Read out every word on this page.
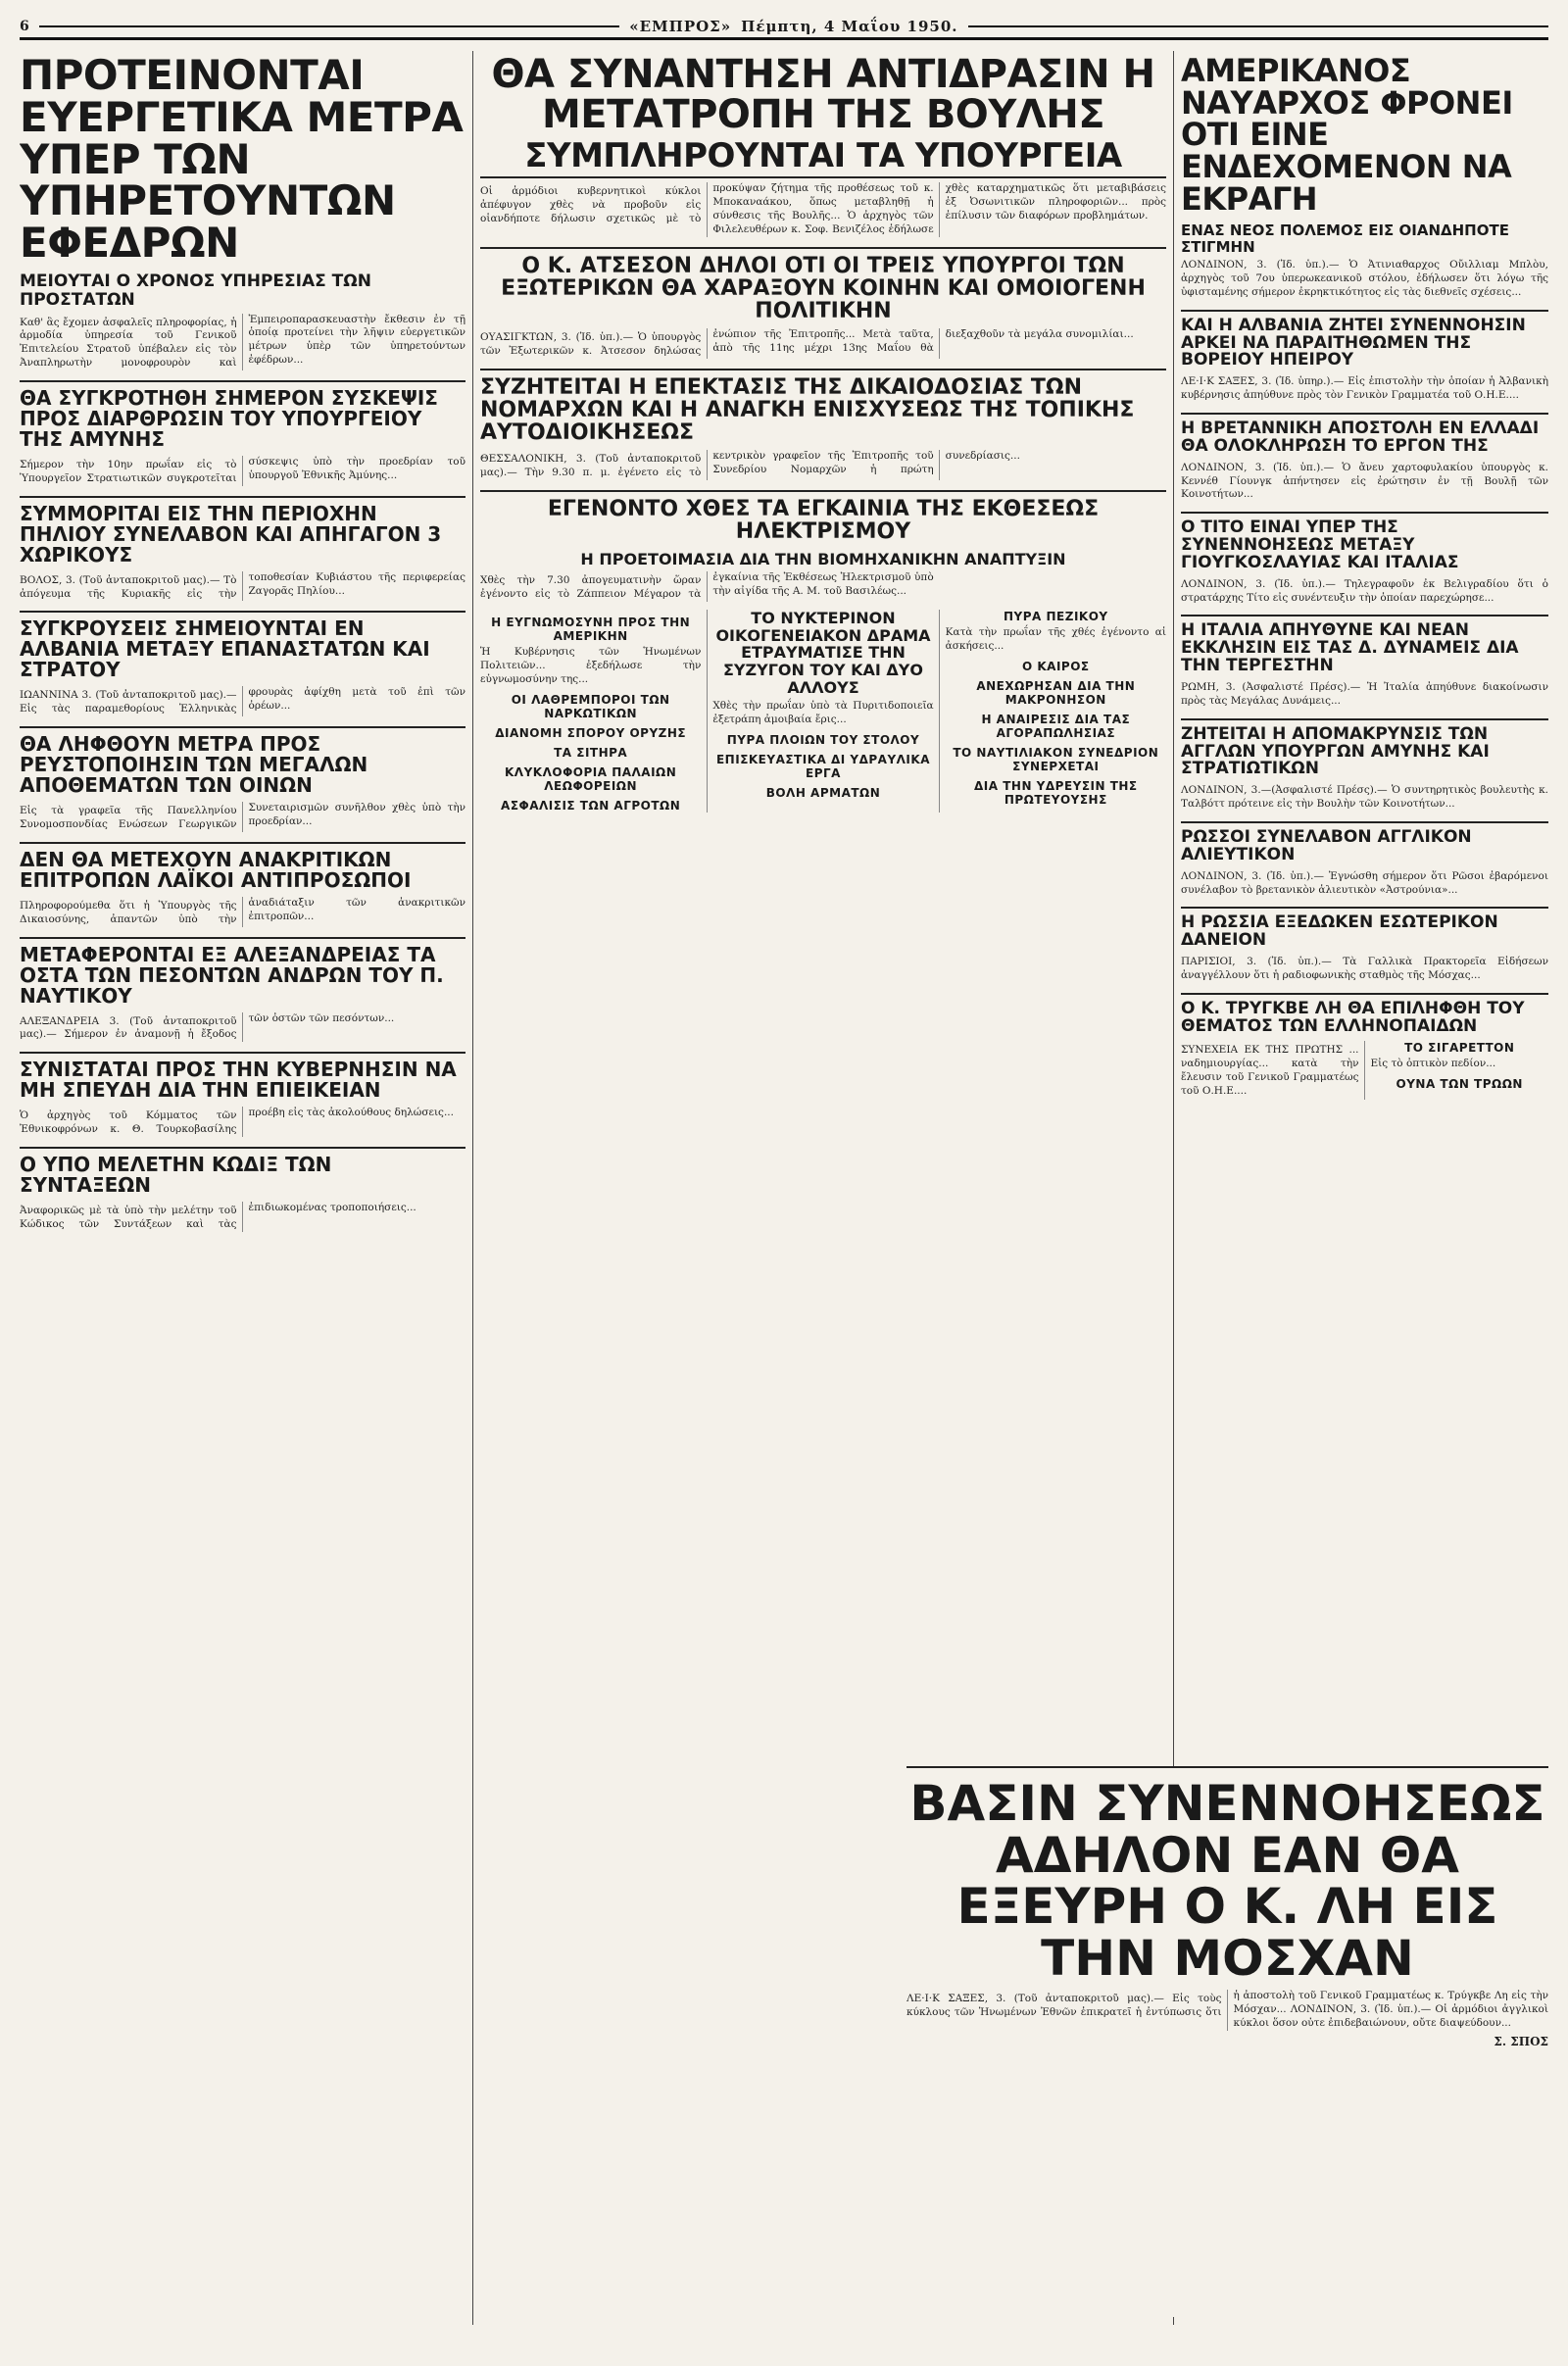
6	«ΕΜΠΡΟΣ» Πέμπτη, 4 Μαΐου 1950.
ΠΡΟΤΕΙΝΟΝΤΑΙ ΕΥΕΡΓΕΤΙΚΑ ΜΕΤΡΑ ΥΠΕΡ ΤΩΝ ΥΠΗΡΕΤΟΥΝΤΩΝ ΕΦΕΔΡΩΝ
ΜΕΙΟΥΤΑΙ Ο ΧΡΟΝΟΣ ΥΠΗΡΕΣΙΑΣ ΤΩΝ ΠΡΟΣΤΑΤΩΝ

Καθ' ἃς ἔχομεν ἀσφαλεῖς πληροφορίας, ἡ ἁρμοδία ὑπηρεσία τοῦ Γενικοῦ Ἐπιτελείου Στρατοῦ ὑπέβαλεν εἰς τὸν Ἀναπληρωτὴν μονοφρουρὸν καὶ Ἐμπειροπαρασκευαστὴν ἔκθεσιν ἐν τῇ ὁποίᾳ προτείνει τὴν λῆψιν εὐεργετικῶν μέτρων ὑπὲρ τῶν ὑπηρετούντων ἐφέδρων...

ΘΑ ΣΥΓΚΡΟΤΗΘΗ ΣΗΜΕΡΟΝ ΣΥΣΚΕΨΙΣ ΠΡΟΣ ΔΙΑΡΘΡΩΣΙΝ ΤΟΥ ΥΠΟΥΡΓΕΙΟΥ ΤΗΣ ΑΜΥΝΗΣ

Σήμερον τὴν 10ην πρωΐαν εἰς τὸ Ὑπουργεῖον Στρατιωτικῶν συγκροτεῖται σύσκεψις ὑπὸ τὴν προεδρίαν τοῦ ὑπουργοῦ Ἐθνικῆς Ἀμύνης...

ΣΥΜΜΟΡΙΤΑΙ ΕΙΣ ΤΗΝ ΠΕΡΙΟΧΗΝ ΠΗΛΙΟΥ ΣΥΝΕΛΑΒΟΝ ΚΑΙ ΑΠΗΓΑΓΟΝ 3 ΧΩΡΙΚΟΥΣ

ΒΟΛΟΣ, 3. (Τοῦ ἀνταποκριτοῦ μας).— Τὸ ἀπόγευμα τῆς Κυριακῆς εἰς τὴν τοποθεσίαν Κυβιάστου τῆς περιφερείας Ζαγορᾶς Πηλίου...

ΣΥΓΚΡΟΥΣΕΙΣ ΣΗΜΕΙΟΥΝΤΑΙ ΕΝ ΑΛΒΑΝΙΑ ΜΕΤΑΞΥ ΕΠΑΝΑΣΤΑΤΩΝ ΚΑΙ ΣΤΡΑΤΟΥ

ΙΩΑΝΝΙΝΑ 3. (Τοῦ ἀνταποκριτοῦ μας).— Εἰς τὰς παραμεθορίους Ἑλληνικὰς φρουρὰς ἀφίχθη μετὰ τοῦ ἐπὶ τῶν ὀρέων...

ΘΑ ΛΗΦΘΟΥΝ ΜΕΤΡΑ ΠΡΟΣ ΡΕΥΣΤΟΠΟΙΗΣΙΝ ΤΩΝ ΜΕΓΑΛΩΝ ΑΠΟΘΕΜΑΤΩΝ ΤΩΝ ΟΙΝΩΝ

Εἰς τὰ γραφεῖα τῆς Πανελληνίου Συνομοσπονδίας Ενώσεων Γεωργικῶν Συνεταιρισμῶν συνῆλθον χθὲς ὑπὸ τὴν προεδρίαν...

ΔΕΝ ΘΑ ΜΕΤΕΧΟΥΝ ΑΝΑΚΡΙΤΙΚΩΝ ΕΠΙΤΡΟΠΩΝ ΛΑΪΚΟΙ ΑΝΤΙΠΡΟΣΩΠΟΙ

Πληροφορούμεθα ὅτι ἡ Ὑπουργὸς τῆς Δικαιοσύνης, ἀπαντῶν ὑπὸ τὴν ἀναδιάταξιν τῶν ἀνακριτικῶν ἐπιτροπῶν...

ΜΕΤΑΦΕΡΟΝΤΑΙ ΕΞ ΑΛΕΞΑΝΔΡΕΙΑΣ ΤΑ ΟΣΤΑ ΤΩΝ ΠΕΣΟΝΤΩΝ ΑΝΔΡΩΝ ΤΟΥ Π. ΝΑΥΤΙΚΟΥ

ΑΛΕΞΑΝΔΡΕΙΑ 3. (Τοῦ ἀνταποκριτοῦ μας).— Σήμερον ἐν ἀναμονῇ ἡ ἔξοδος τῶν ὀστῶν τῶν πεσόντων...

ΣΥΝΙΣΤΑΤΑΙ ΠΡΟΣ ΤΗΝ ΚΥΒΕΡΝΗΣΙΝ ΝΑ ΜΗ ΣΠΕΥΔΗ ΔΙΑ ΤΗΝ ΕΠΙΕΙΚΕΙΑΝ

Ὁ ἀρχηγὸς τοῦ Κόμματος τῶν Ἐθνικοφρόνων κ. Θ. Τουρκοβασίλης προέβη εἰς τὰς ἀκολούθους δηλώσεις...

Ο ΥΠΟ ΜΕΛΕΤΗΝ ΚΩΔΙΞ ΤΩΝ ΣΥΝΤΑΞΕΩΝ

Ἀναφορικῶς μὲ τὰ ὑπὸ τὴν μελέτην τοῦ Κώδικος τῶν Συντάξεων καὶ τὰς ἐπιδιωκομένας τροποποιήσεις...

ΘΑ ΣΥΝΑΝΤΗΣΗ ΑΝΤΙΔΡΑΣΙΝ Η ΜΕΤΑΤΡΟΠΗ ΤΗΣ ΒΟΥΛΗΣ
ΣΥΜΠΛΗΡΟΥΝΤΑΙ ΤΑ ΥΠΟΥΡΓΕΙΑ

Οἱ ἁρμόδιοι κυβερνητικοὶ κύκλοι ἀπέφυγον χθὲς νὰ προβοῦν εἰς οἱανδήποτε δήλωσιν σχετικῶς μὲ τὸ προκύψαν ζήτημα τῆς προθέσεως τοῦ κ. Μποκαναάκου, ὅπως μεταβληθῇ ἡ σύνθεσις τῆς Βουλῆς... Ὁ ἀρχηγὸς τῶν Φιλελευθέρων κ. Σοφ. Βενιζέλος ἐδήλωσε χθὲς καταρχηματικῶς ὅτι μεταβιβάσεις ἐξ Ὀσωνιτικῶν πληροφοριῶν... πρὸς ἐπίλυσιν τῶν διαφόρων προβλημάτων.

Ο Κ. ΑΤΣΕΣΟΝ ΔΗΛΟΙ ΟΤΙ ΟΙ ΤΡΕΙΣ ΥΠΟΥΡΓΟΙ ΤΩΝ ΕΞΩΤΕΡΙΚΩΝ ΘΑ ΧΑΡΑΞΟΥΝ ΚΟΙΝΗΝ ΚΑΙ ΟΜΟΙΟΓΕΝΗ ΠΟΛΙΤΙΚΗΝ

ΟΥΑΣΙΓΚΤΩΝ, 3. (Ἰδ. ὑπ.).— Ὁ ὑπουργὸς τῶν Ἐξωτερικῶν κ. Ἀτσεσον δηλώσας ἐνώπιον τῆς Ἐπιτροπῆς... Μετὰ ταῦτα, ἀπὸ τῆς 11ης μέχρι 13ης Μαΐου θὰ διεξαχθοῦν τὰ μεγάλα συνομιλίαι...

ΣΥΖΗΤΕΙΤΑΙ Η ΕΠΕΚΤΑΣΙΣ ΤΗΣ ΔΙΚΑΙΟΔΟΣΙΑΣ ΤΩΝ ΝΟΜΑΡΧΩΝ ΚΑΙ Η ΑΝΑΓΚΗ ΕΝΙΣΧΥΣΕΩΣ ΤΗΣ ΤΟΠΙΚΗΣ ΑΥΤΟΔΙΟΙΚΗΣΕΩΣ

ΘΕΣΣΑΛΟΝΙΚΗ, 3. (Τοῦ ἀνταποκριτοῦ μας).— Τὴν 9.30 π. μ. ἐγένετο εἰς τὸ κεντρικὸν γραφεῖον τῆς Ἐπιτροπῆς τοῦ Συνεδρίου Νομαρχῶν ἡ πρώτη συνεδρίασις...

ΕΓΕΝΟΝΤΟ ΧΘΕΣ ΤΑ ΕΓΚΑΙΝΙΑ ΤΗΣ ΕΚΘΕΣΕΩΣ ΗΛΕΚΤΡΙΣΜΟΥ
Η ΠΡΟΕΤΟΙΜΑΣΙΑ ΔΙΑ ΤΗΝ ΒΙΟΜΗΧΑΝΙΚΗΝ ΑΝΑΠΤΥΞΙΝ

Χθὲς τὴν 7.30 ἀπογευματινὴν ὥραν ἐγένοντο εἰς τὸ Ζάππειον Μέγαρον τὰ ἐγκαίνια τῆς Ἐκθέσεως Ἠλεκτρισμοῦ ὑπὸ τὴν αἰγίδα τῆς Α. Μ. τοῦ Βασιλέως...

Η ΕΥΓΝΩΜΟΣΥΝΗ ΠΡΟΣ ΤΗΝ ΑΜΕΡΙΚΗΝ

Ἡ Κυβέρνησις τῶν Ἡνωμένων Πολιτειῶν... ἐξεδήλωσε τὴν εὐγνωμοσύνην της...

ΟΙ ΛΑΘΡΕΜΠΟΡΟΙ ΤΩΝ ΝΑΡΚΩΤΙΚΩΝ
ΔΙΑΝΟΜΗ ΣΠΟΡΟΥ ΟΡΥΖΗΣ
ΤΑ ΣΙΤΗΡΑ
ΚΛΥΚΛΟΦΟΡΙΑ ΠΑΛΑΙΩΝ ΛΕΩΦΟΡΕΙΩΝ
ΑΣΦΑΛΙΣΙΣ ΤΩΝ ΑΓΡΟΤΩΝ
ΤΟ ΝΥΚΤΕΡΙΝΟΝ ΟΙΚΟΓΕΝΕΙΑΚΟΝ ΔΡΑΜΑ ΕΤΡΑΥΜΑΤΙΣΕ ΤΗΝ ΣΥΖΥΓΟΝ ΤΟΥ ΚΑΙ ΔΥΟ ΑΛΛΟΥΣ

Χθὲς τὴν πρωΐαν ὑπὸ τὰ Πυριτιδοποιεῖα ἐξετράπη ἀμοιβαία ἔρις...

ΠΥΡΑ ΠΛΟΙΩΝ ΤΟΥ ΣΤΟΛΟΥ
ΕΠΙΣΚΕΥΑΣΤΙΚΑ ΔΙ ΥΔΡΑΥΛΙΚΑ ΕΡΓΑ
ΒΟΛΗ ΑΡΜΑΤΩΝ
ΠΥΡΑ ΠΕΖΙΚΟΥ

Κατὰ τὴν πρωΐαν τῆς χθές ἐγένοντο αἱ ἀσκήσεις...

Ο ΚΑΙΡΟΣ
ΑΝΕΧΩΡΗΣΑΝ ΔΙΑ ΤΗΝ ΜΑΚΡΟΝΗΣΟΝ
Η ΑΝΑΙΡΕΣΙΣ ΔΙΑ ΤΑΣ ΑΓΟΡΑΠΩΛΗΣΙΑΣ
ΤΟ ΝΑΥΤΙΛΙΑΚΟΝ ΣΥΝΕΔΡΙΟΝ ΣΥΝΕΡΧΕΤΑΙ
ΔΙΑ ΤΗΝ ΥΔΡΕΥΣΙΝ ΤΗΣ ΠΡΩΤΕΥΟΥΣΗΣ
ΑΜΕΡΙΚΑΝΟΣ ΝΑΥΑΡΧΟΣ ΦΡΟΝΕΙ ΟΤΙ ΕΙΝΕ ΕΝΔΕΧΟΜΕΝΟΝ ΝΑ ΕΚΡΑΓΗ
ΕΝΑΣ ΝΕΟΣ ΠΟΛΕΜΟΣ ΕΙΣ ΟΙΑΝΔΗΠΟΤΕ ΣΤΙΓΜΗΝ

ΛΟΝΔΙΝΟΝ, 3. (Ἰδ. ὑπ.).— Ὁ Ἀτινιαθαρχος Οὔιλλιαμ Μπλὸυ, ἀρχηγὸς τοῦ 7ου ὑπερωκεανικοῦ στόλου, ἐδήλωσεν ὅτι λόγω τῆς ὑφισταμένης σήμερον ἐκρηκτικότητος εἰς τὰς διεθνεῖς σχέσεις...

ΚΑΙ Η ΑΛΒΑΝΙΑ ΖΗΤΕΙ ΣΥΝΕΝΝΟΗΣΙΝ ΑΡΚΕΙ ΝΑ ΠΑΡΑΙΤΗΘΩΜΕΝ ΤΗΣ ΒΟΡΕΙΟΥ ΗΠΕΙΡΟΥ

ΛΕ·Ι·Κ ΣΑΞΕΣ, 3. (Ἰδ. ὑπηρ.).— Εἰς ἐπιστολὴν τὴν ὁποίαν ἡ Ἀλβανικὴ κυβέρνησις ἀπηύθυνε πρὸς τὸν Γενικὸν Γραμματέα τοῦ Ο.Η.Ε....

Η ΒΡΕΤΑΝΝΙΚΗ ΑΠΟΣΤΟΛΗ ΕΝ ΕΛΛΑΔΙ ΘΑ ΟΛΟΚΛΗΡΩΣΗ ΤΟ ΕΡΓΟΝ ΤΗΣ

ΛΟΝΔΙΝΟΝ, 3. (Ἰδ. ὑπ.).— Ὁ ἄνευ χαρτοφυλακίου ὑπουργὸς κ. Κεννέθ Γίουνγκ ἀπήντησεν εἰς ἐρώτησιν ἐν τῇ Βουλῇ τῶν Κοινοτήτων...

Ο ΤΙΤΟ ΕΙΝΑΙ ΥΠΕΡ ΤΗΣ ΣΥΝΕΝΝΟΗΣΕΩΣ ΜΕΤΑΞΥ ΓΙΟΥΓΚΟΣΛΑΥΙΑΣ ΚΑΙ ΙΤΑΛΙΑΣ

ΛΟΝΔΙΝΟΝ, 3. (Ἰδ. ὑπ.).— Τηλεγραφοῦν ἐκ Βελιγραδίου ὅτι ὁ στρατάρχης Τίτο εἰς συνέντευξιν τὴν ὁποίαν παρεχώρησε...

Η ΙΤΑΛΙΑ ΑΠΗΥΘΥΝΕ ΚΑΙ ΝΕΑΝ ΕΚΚΛΗΣΙΝ ΕΙΣ ΤΑΣ Δ. ΔΥΝΑΜΕΙΣ ΔΙΑ ΤΗΝ ΤΕΡΓΕΣΤΗΝ

ΡΩΜΗ, 3. (Ἀσφαλιστέ Πρέσς).— Ἡ Ἰταλία ἀπηύθυνε διακοίνωσιν πρὸς τὰς Μεγάλας Δυνάμεις...

ΖΗΤΕΙΤΑΙ Η ΑΠΟΜΑΚΡΥΝΣΙΣ ΤΩΝ ΑΓΓΛΩΝ ΥΠΟΥΡΓΩΝ ΑΜΥΝΗΣ ΚΑΙ ΣΤΡΑΤΙΩΤΙΚΩΝ

ΛΟΝΔΙΝΟΝ, 3.—(Ἀσφαλιστέ Πρέσς).— Ὁ συντηρητικὸς βουλευτὴς κ. Ταλβόττ πρότεινε εἰς τὴν Βουλὴν τῶν Κοινοτήτων...

ΡΩΣΣΟΙ ΣΥΝΕΛΑΒΟΝ ΑΓΓΛΙΚΟΝ ΑΛΙΕΥΤΙΚΟΝ

ΛΟΝΔΙΝΟΝ, 3. (Ἰδ. ὑπ.).— Ἐγνώσθη σήμερον ὅτι Ρῶσοι ἐβαρόμενοι συνέλαβον τὸ βρετανικὸν ἁλιευτικὸν «Ἀστρούνια»...

Η ΡΩΣΣΙΑ ΕΞΕΔΩΚΕΝ ΕΣΩΤΕΡΙΚΟΝ ΔΑΝΕΙΟΝ

ΠΑΡΙΣΙΟΙ, 3. (Ἰδ. ὑπ.).— Τὰ Γαλλικὰ Πρακτορεῖα Εἰδήσεων ἀναγγέλλουν ὅτι ἡ ραδιοφωνικὴς σταθμὸς τῆς Μόσχας...

Ο Κ. ΤΡΥΓΚΒΕ ΛΗ ΘΑ ΕΠΙΛΗΦΘΗ ΤΟΥ ΘΕΜΑΤΟΣ ΤΩΝ ΕΛΛΗΝΟΠΑΙΔΩΝ

ΣΥΝΕΧΕΙΑ ΕΚ ΤΗΣ ΠΡΩΤΗΣ ... ναδημιουργίας... κατὰ τὴν ἔλευσιν τοῦ Γενικοῦ Γραμματέως τοῦ Ο.Η.Ε....

ΤΟ ΣΙΓΑΡΕΤΤΟΝ

Εἰς τὸ ὀπτικὸν πεδίον...

ΟΥΝΑ ΤΩΝ ΤΡΩΩΝ
ΒΑΣΙΝ ΣΥΝΕΝΝΟΗΣΕΩΣ ΑΔΗΛΟΝ ΕΑΝ ΘΑ ΕΞΕΥΡΗ Ο Κ. ΛΗ ΕΙΣ ΤΗΝ ΜΟΣΧΑΝ

ΛΕ·Ι·Κ ΣΑΞΕΣ, 3. (Τοῦ ἀνταποκριτοῦ μας).— Εἰς τοὺς κύκλους τῶν Ἡνωμένων Ἐθνῶν ἐπικρατεῖ ἡ ἐντύπωσις ὅτι ἡ ἀποστολὴ τοῦ Γενικοῦ Γραμματέως κ. Τρύγκβε Λη εἰς τὴν Μόσχαν... ΛΟΝΔΙΝΟΝ, 3. (Ἰδ. ὑπ.).— Οἱ ἁρμόδιοι ἀγγλικοὶ κύκλοι ὅσον οὐτε ἐπιδεβαιώνουν, οὔτε διαψεύδουν...

Σ. ΣΠΟΣ
